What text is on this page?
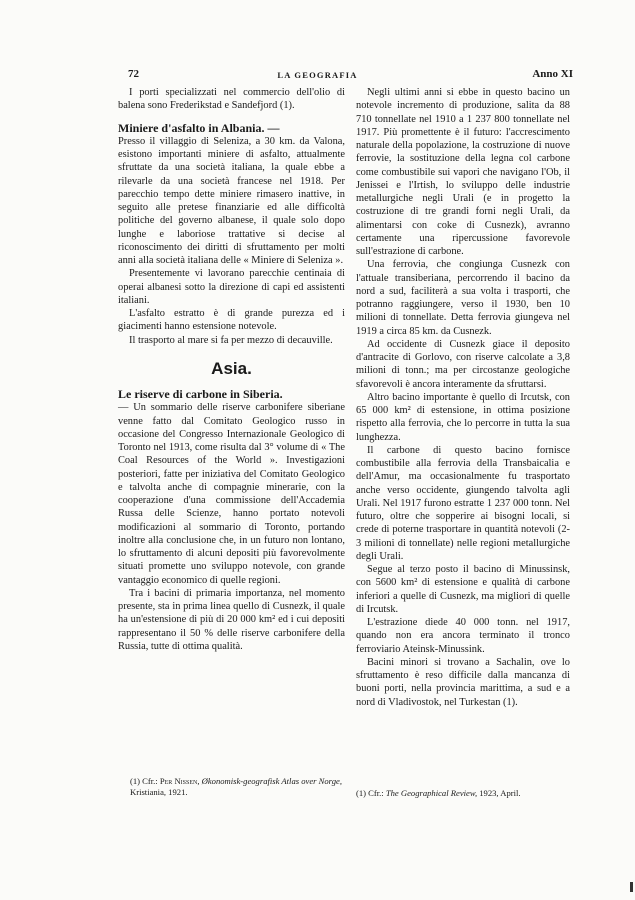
72	LA GEOGRAFIA	Anno XI

I porti specializzati nel commercio dell'olio di balena sono Frederikstad e Sandefjord (1).

Miniere d'asfalto in Albania. —

Presso il villaggio di Seleniza, a 30 km. da Valona, esistono importanti miniere di asfalto, attualmente sfruttate da una società italiana, la quale ebbe a rilevarle da una società francese nel 1918. Per parecchio tempo dette miniere rimasero inattive, in seguito alle pretese finanziarie ed alle difficoltà politiche del governo albanese, il quale solo dopo lunghe e laboriose trattative si decise al riconoscimento dei diritti di sfruttamento per molti anni alla società italiana delle « Miniere di Seleniza ».

Presentemente vi lavorano parecchie centinaia di operai albanesi sotto la direzione di capi ed assistenti italiani.

L'asfalto estratto è di grande purezza ed i giacimenti hanno estensione notevole.

Il trasporto al mare si fa per mezzo di decauville.

Asia.
Le riserve di carbone in Siberia.

— Un sommario delle riserve carbonifere siberiane venne fatto dal Comitato Geologico russo in occasione del Congresso Internazionale Geologico di Toronto nel 1913, come risulta dal 3° volume di « The Coal Resources of the World ». Investigazioni posteriori, fatte per iniziativa del Comitato Geologico e talvolta anche di compagnie minerarie, con la cooperazione d'una commissione dell'Accademia Russa delle Scienze, hanno portato notevoli modificazioni al sommario di Toronto, portando inoltre alla conclusione che, in un futuro non lontano, lo sfruttamento di alcuni depositi più favorevolmente situati promette uno sviluppo notevole, con grande vantaggio economico di quelle regioni.

Tra i bacini di primaria importanza, nel momento presente, sta in prima linea quello di Cusnezk, il quale ha un'estensione di più di 20 000 km² ed i cui depositi rappresentano il 50 % delle riserve carbonifere della Russia, tutte di ottima qualità.

(1) Cfr.: Per Nissen, Økonomisk-geografisk Atlas over Norge, Kristiania, 1921.

Negli ultimi anni si ebbe in questo bacino un notevole incremento di produzione, salita da 88 710 tonnellate nel 1910 a 1 237 800 tonnellate nel 1917. Più promettente è il futuro: l'accrescimento naturale della popolazione, la costruzione di nuove ferrovie, la sostituzione della legna col carbone come combustibile sui vapori che navigano l'Ob, il Jenissei e l'Irtish, lo sviluppo delle industrie metallurgiche negli Urali (e in progetto la costruzione di tre grandi forni negli Urali, da alimentarsi con coke di Cusnezk), avranno certamente una ripercussione favorevole sull'estrazione di carbone.

Una ferrovia, che congiunga Cusnezk con l'attuale transiberiana, percorrendo il bacino da nord a sud, faciliterà a sua volta i trasporti, che potranno raggiungere, verso il 1930, ben 10 milioni di tonnellate. Detta ferrovia giungeva nel 1919 a circa 85 km. da Cusnezk.

Ad occidente di Cusnezk giace il deposito d'antracite di Gorlovo, con riserve calcolate a 3,8 milioni di tonn.; ma per circostanze geologiche sfavorevoli è ancora interamente da sfruttarsi.

Altro bacino importante è quello di Ircutsk, con 65 000 km² di estensione, in ottima posizione rispetto alla ferrovia, che lo percorre in tutta la sua lunghezza.

Il carbone di questo bacino fornisce combustibile alla ferrovia della Transbaicalia e dell'Amur, ma occasionalmente fu trasportato anche verso occidente, giungendo talvolta agli Urali. Nel 1917 furono estratte 1 237 000 tonn. Nel futuro, oltre che sopperire ai bisogni locali, si crede di poterne trasportare in quantità notevoli (2-3 milioni di tonnellate) nelle regioni metallurgiche degli Urali.

Segue al terzo posto il bacino di Minussinsk, con 5600 km² di estensione e qualità di carbone inferiori a quelle di Cusnezk, ma migliori di quelle di Ircutsk.

L'estrazione diede 40 000 tonn. nel 1917, quando non era ancora terminato il tronco ferroviario Ateinsk-Minussink.

Bacini minori si trovano a Sachalin, ove lo sfruttamento è reso difficile dalla mancanza di buoni porti, nella provincia marittima, a sud e a nord di Vladivostok, nel Turkestan (1).

(1) Cfr.: The Geographical Review, 1923, April.
